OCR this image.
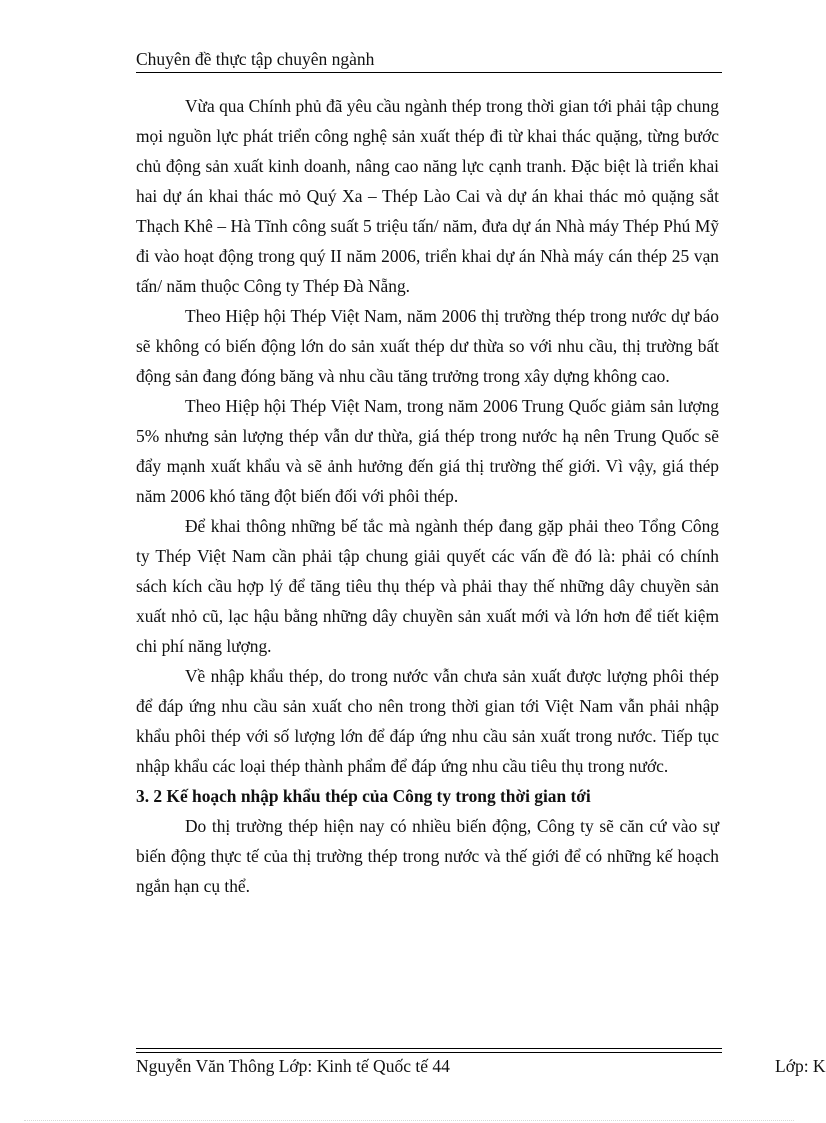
Chuyên đề thực tập chuyên ngành

Vừa qua Chính phủ đã yêu cầu ngành thép trong thời gian tới phải tập chung mọi nguồn lực phát triển công nghệ sản xuất thép đi từ khai thác quặng, từng bước chủ động sản xuất kinh doanh, nâng cao năng lực cạnh tranh. Đặc biệt là triển khai hai dự án khai thác mỏ Quý Xa – Thép Lào Cai và dự án khai thác mỏ quặng sắt Thạch Khê – Hà Tĩnh công suất 5 triệu tấn/ năm, đưa dự án Nhà máy Thép Phú Mỹ đi vào hoạt động trong quý II năm 2006, triển khai dự án Nhà máy cán thép 25 vạn tấn/ năm thuộc Công ty Thép Đà Nẵng.

Theo Hiệp hội Thép Việt Nam, năm 2006 thị trường thép trong nước dự báo sẽ không có biến động lớn do sản xuất thép dư thừa so với nhu cầu, thị trường bất động sản đang đóng băng và nhu cầu tăng trưởng trong xây dựng không cao.

Theo Hiệp hội Thép Việt Nam, trong năm 2006 Trung Quốc giảm sản lượng 5% nhưng sản lượng thép vẫn dư thừa, giá thép trong nước hạ nên Trung Quốc sẽ đẩy mạnh xuất khẩu và sẽ ảnh hưởng đến giá thị trường thế giới. Vì vậy, giá thép năm 2006 khó tăng đột biến đối với phôi thép.

Để khai thông những bế tắc mà ngành thép đang gặp phải theo Tổng Công ty Thép Việt Nam cần phải tập chung giải quyết các vấn đề đó là: phải có chính sách kích cầu hợp lý để tăng tiêu thụ thép và phải thay thế những dây chuyền sản xuất nhỏ cũ, lạc hậu bằng những dây chuyền sản xuất mới và lớn hơn để tiết kiệm chi phí năng lượng.

Về nhập khẩu thép, do trong nước vẫn chưa sản xuất được lượng phôi thép để đáp ứng nhu cầu sản xuất cho nên trong thời gian tới Việt Nam vẫn phải nhập khẩu phôi thép với số lượng lớn để đáp ứng nhu cầu sản xuất trong nước. Tiếp tục nhập khẩu các loại thép thành phẩm để đáp ứng nhu cầu tiêu thụ trong nước.

3. 2 Kế hoạch nhập khẩu thép của Công ty trong thời gian tới

Do thị trường thép hiện nay có nhiều biến động, Công ty sẽ căn cứ vào sự biến động thực tế của thị trường thép trong nước và thế giới để có những kế hoạch ngắn hạn cụ thể.

Nguyễn Văn Thông Lớp: Kinh tế Quốc tế 44	Lớp: K
